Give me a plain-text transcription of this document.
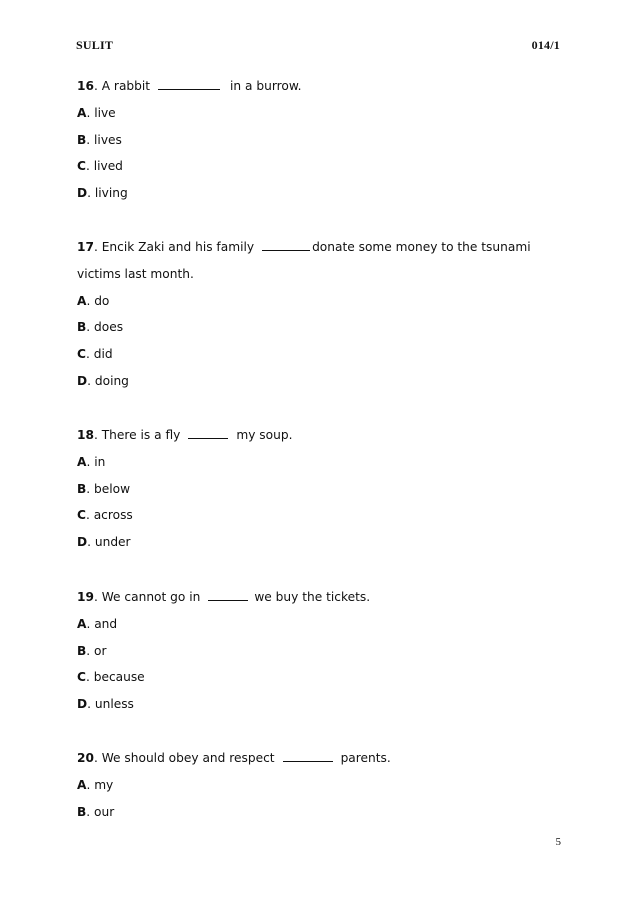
SULIT	014/1
16. A rabbit	in a burrow.
A. live
B. lives
C. lived
D. living
17. Encik Zaki and his family	donate some money to the tsunami
victims last month.
A. do
B. does
C. did
D. doing
18. There is a fly	my soup.
A. in
B. below
C. across
D. under
19. We cannot go in	we buy the tickets.
A. and
B. or
C. because
D. unless
20. We should obey and respect	parents.
A. my
B. our
5
